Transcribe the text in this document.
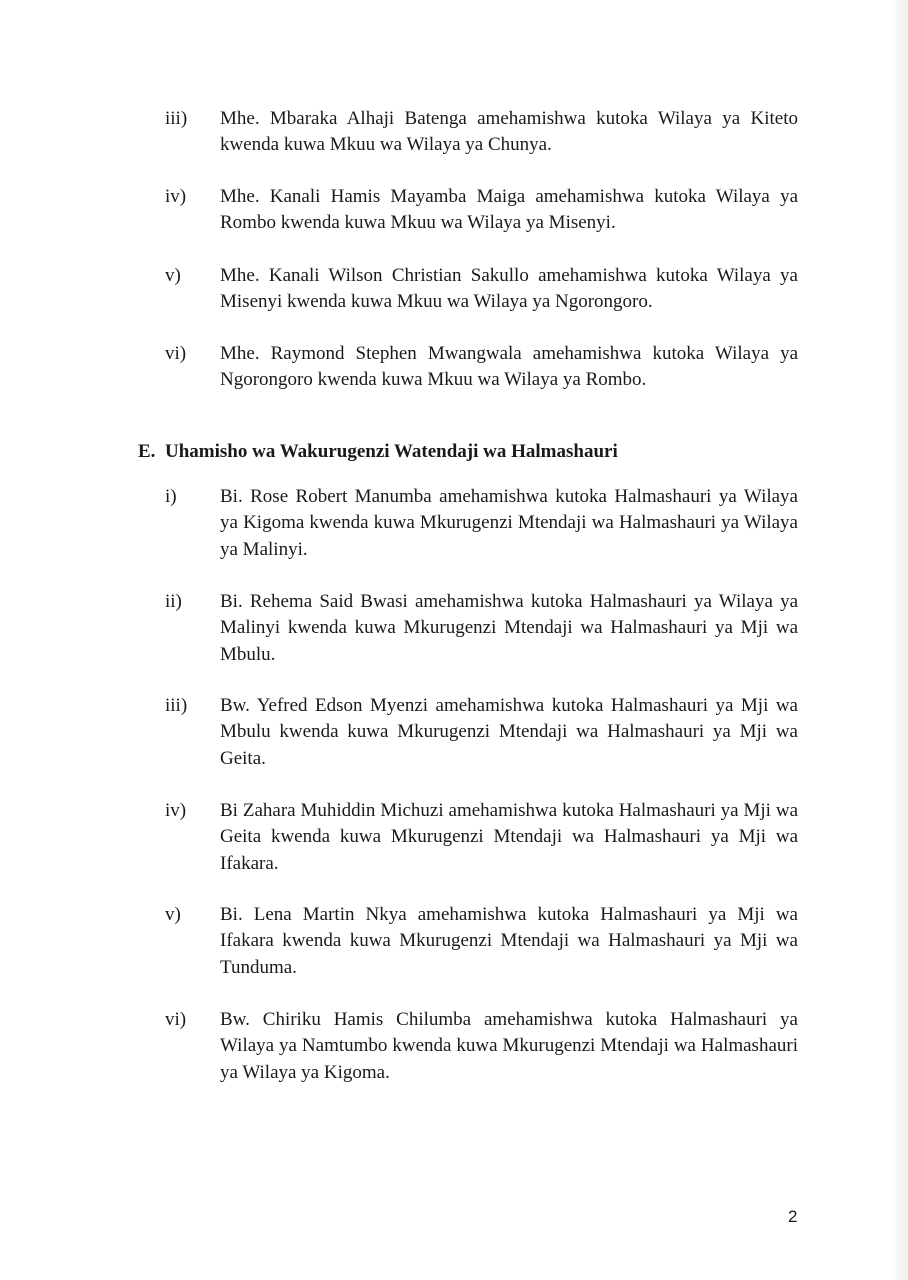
iii) Mhe. Mbaraka Alhaji Batenga amehamishwa kutoka Wilaya ya Kiteto kwenda kuwa Mkuu wa Wilaya ya Chunya.
iv) Mhe. Kanali Hamis Mayamba Maiga amehamishwa kutoka Wilaya ya Rombo kwenda kuwa Mkuu wa Wilaya ya Misenyi.
v) Mhe. Kanali Wilson Christian Sakullo amehamishwa kutoka Wilaya ya Misenyi kwenda kuwa Mkuu wa Wilaya ya Ngorongoro.
vi) Mhe. Raymond Stephen Mwangwala amehamishwa kutoka Wilaya ya Ngorongoro kwenda kuwa Mkuu wa Wilaya ya Rombo.
E. Uhamisho wa Wakurugenzi Watendaji wa Halmashauri
i) Bi. Rose Robert Manumba amehamishwa kutoka Halmashauri ya Wilaya ya Kigoma kwenda kuwa Mkurugenzi Mtendaji wa Halmashauri ya Wilaya ya Malinyi.
ii) Bi. Rehema Said Bwasi amehamishwa kutoka Halmashauri ya Wilaya ya Malinyi kwenda kuwa Mkurugenzi Mtendaji wa Halmashauri ya Mji wa Mbulu.
iii) Bw. Yefred Edson Myenzi amehamishwa kutoka Halmashauri ya Mji wa Mbulu kwenda kuwa Mkurugenzi Mtendaji wa Halmashauri ya Mji wa Geita.
iv) Bi Zahara Muhiddin Michuzi amehamishwa kutoka Halmashauri ya Mji wa Geita kwenda kuwa Mkurugenzi Mtendaji wa Halmashauri ya Mji wa Ifakara.
v) Bi. Lena Martin Nkya amehamishwa kutoka Halmashauri ya Mji wa Ifakara kwenda kuwa Mkurugenzi Mtendaji wa Halmashauri ya Mji wa Tunduma.
vi) Bw. Chiriku Hamis Chilumba amehamishwa kutoka Halmashauri ya Wilaya ya Namtumbo kwenda kuwa Mkurugenzi Mtendaji wa Halmashauri ya Wilaya ya Kigoma.
2
